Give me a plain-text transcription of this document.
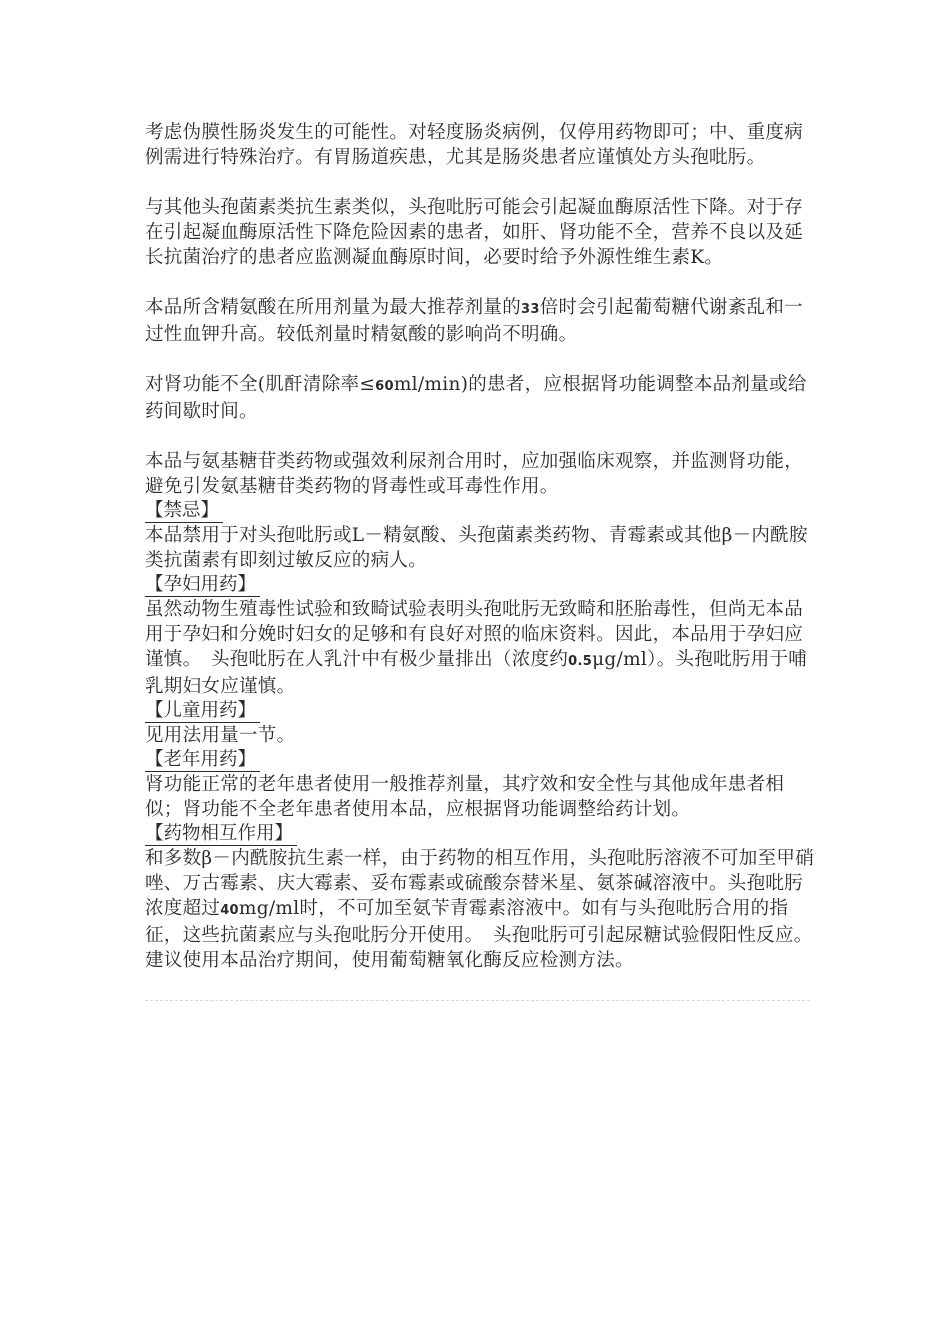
考虑伪膜性肠炎发生的可能性。对轻度肠炎病例，仅停用药物即可；中、重度病例需进行特殊治疗。有胃肠道疾患，尤其是肠炎患者应谨慎处方头孢吡肟。

与其他头孢菌素类抗生素类似，头孢吡肟可能会引起凝血酶原活性下降。对于存在引起凝血酶原活性下降危险因素的患者，如肝、肾功能不全，营养不良以及延长抗菌治疗的患者应监测凝血酶原时间，必要时给予外源性维生素K。

本品所含精氨酸在所用剂量为最大推荐剂量的33倍时会引起葡萄糖代谢紊乱和一过性血钾升高。较低剂量时精氨酸的影响尚不明确。

对肾功能不全(肌酐清除率≤60ml/min)的患者，应根据肾功能调整本品剂量或给药间歇时间。

本品与氨基糖苷类药物或强效利尿剂合用时，应加强临床观察，并监测肾功能，避免引发氨基糖苷类药物的肾毒性或耳毒性作用。

【禁忌】

本品禁用于对头孢吡肟或L－精氨酸、头孢菌素类药物、青霉素或其他β－内酰胺类抗菌素有即刻过敏反应的病人。

【孕妇用药】

虽然动物生殖毒性试验和致畸试验表明头孢吡肟无致畸和胚胎毒性，但尚无本品用于孕妇和分娩时妇女的足够和有良好对照的临床资料。因此，本品用于孕妇应谨慎。　头孢吡肟在人乳汁中有极少量排出（浓度约0.5μg/ml）。头孢吡肟用于哺乳期妇女应谨慎。

【儿童用药】

见用法用量一节。

【老年用药】

肾功能正常的老年患者使用一般推荐剂量，其疗效和安全性与其他成年患者相似；肾功能不全老年患者使用本品，应根据肾功能调整给药计划。

【药物相互作用】

和多数β－内酰胺抗生素一样，由于药物的相互作用，头孢吡肟溶液不可加至甲硝唑、万古霉素、庆大霉素、妥布霉素或硫酸奈替米星、氨茶碱溶液中。头孢吡肟浓度超过40mg/ml时，不可加至氨苄青霉素溶液中。如有与头孢吡肟合用的指征，这些抗菌素应与头孢吡肟分开使用。　头孢吡肟可引起尿糖试验假阳性反应。建议使用本品治疗期间，使用葡萄糖氧化酶反应检测方法。
